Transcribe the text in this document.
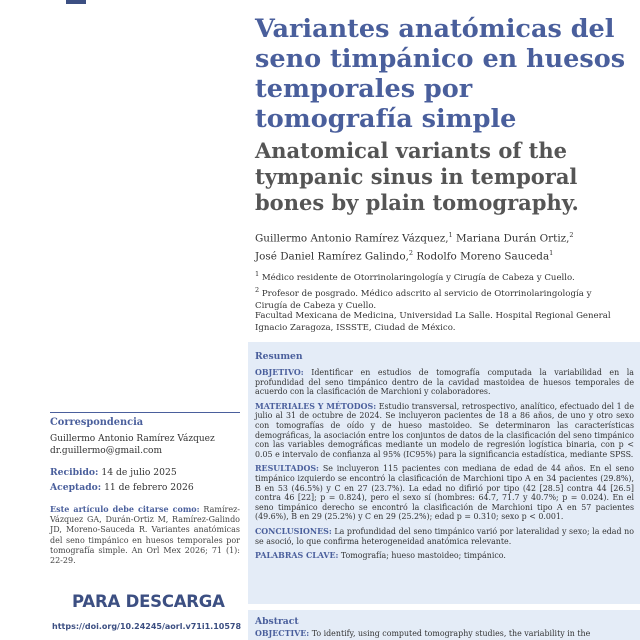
Variantes anatómicas del seno timpánico en huesos temporales por tomografía simple
Anatomical variants of the tympanic sinus in temporal bones by plain tomography.
Guillermo Antonio Ramírez Vázquez,$^1$ Mariana Durán Ortiz,$^2$
José Daniel Ramírez Galindo,$^2$ Rodolfo Moreno Sauceda$^1$
$^1$ Médico residente de Otorrinolaringología y Cirugía de Cabeza y Cuello.
$^2$ Profesor de posgrado. Médico adscrito al servicio de Otorrinolaringología y Cirugía de Cabeza y Cuello.
Facultad Mexicana de Medicina, Universidad La Salle. Hospital Regional General Ignacio Zaragoza, ISSSTE, Ciudad de México.
Correspondencia
Guillermo Antonio Ramírez Vázquez
dr.guillermo@gmail.com
Recibido: 14 de julio 2025
Aceptado: 11 de febrero 2026
Este artículo debe citarse como: Ramírez-Vázquez GA, Durán-Ortiz M, Ramírez-Galindo JD, Moreno-Sauceda R. Variantes anatómicas del seno timpánico en huesos temporales por tomografía simple. An Orl Mex 2026; 71 (1): 22-29.
PARA DESCARGA
https://doi.org/10.24245/aorl.v71i1.10578
Resumen
OBJETIVO: Identificar en estudios de tomografía computada la variabilidad en la profundidad del seno timpánico dentro de la cavidad mastoidea de huesos temporales de acuerdo con la clasificación de Marchioni y colaboradores.
MATERIALES Y MÉTODOS: Estudio transversal, retrospectivo, analítico, efectuado del 1 de julio al 31 de octubre de 2024. Se incluyeron pacientes de 18 a 86 años, de uno y otro sexo con tomografías de oído y de hueso mastoideo. Se determinaron las características demográficas, la asociación entre los conjuntos de datos de la clasificación del seno timpánico con las variables demográficas mediante un modelo de regresión logística binaria, con p < 0.05 e intervalo de confianza al 95% (IC95%) para la significancia estadística, mediante SPSS.
RESULTADOS: Se incluyeron 115 pacientes con mediana de edad de 44 años. En el seno timpánico izquierdo se encontró la clasificación de Marchioni tipo A en 34 pacientes (29.8%), B en 53 (46.5%) y C en 27 (23.7%). La edad no difirió por tipo (42 [28.5] contra 44 [26.5] contra 46 [22]; p = 0.824), pero el sexo sí (hombres: 64.7, 71.7 y 40.7%; p = 0.024). En el seno timpánico derecho se encontró la clasificación de Marchioni tipo A en 57 pacientes (49.6%), B en 29 (25.2%) y C en 29 (25.2%); edad p = 0.310; sexo p < 0.001.
CONCLUSIONES: La profundidad del seno timpánico varió por lateralidad y sexo; la edad no se asoció, lo que confirma heterogeneidad anatómica relevante.
PALABRAS CLAVE: Tomografía; hueso mastoideo; timpánico.
Abstract
OBJECTIVE: To identify, using computed tomography studies, the variability in the
